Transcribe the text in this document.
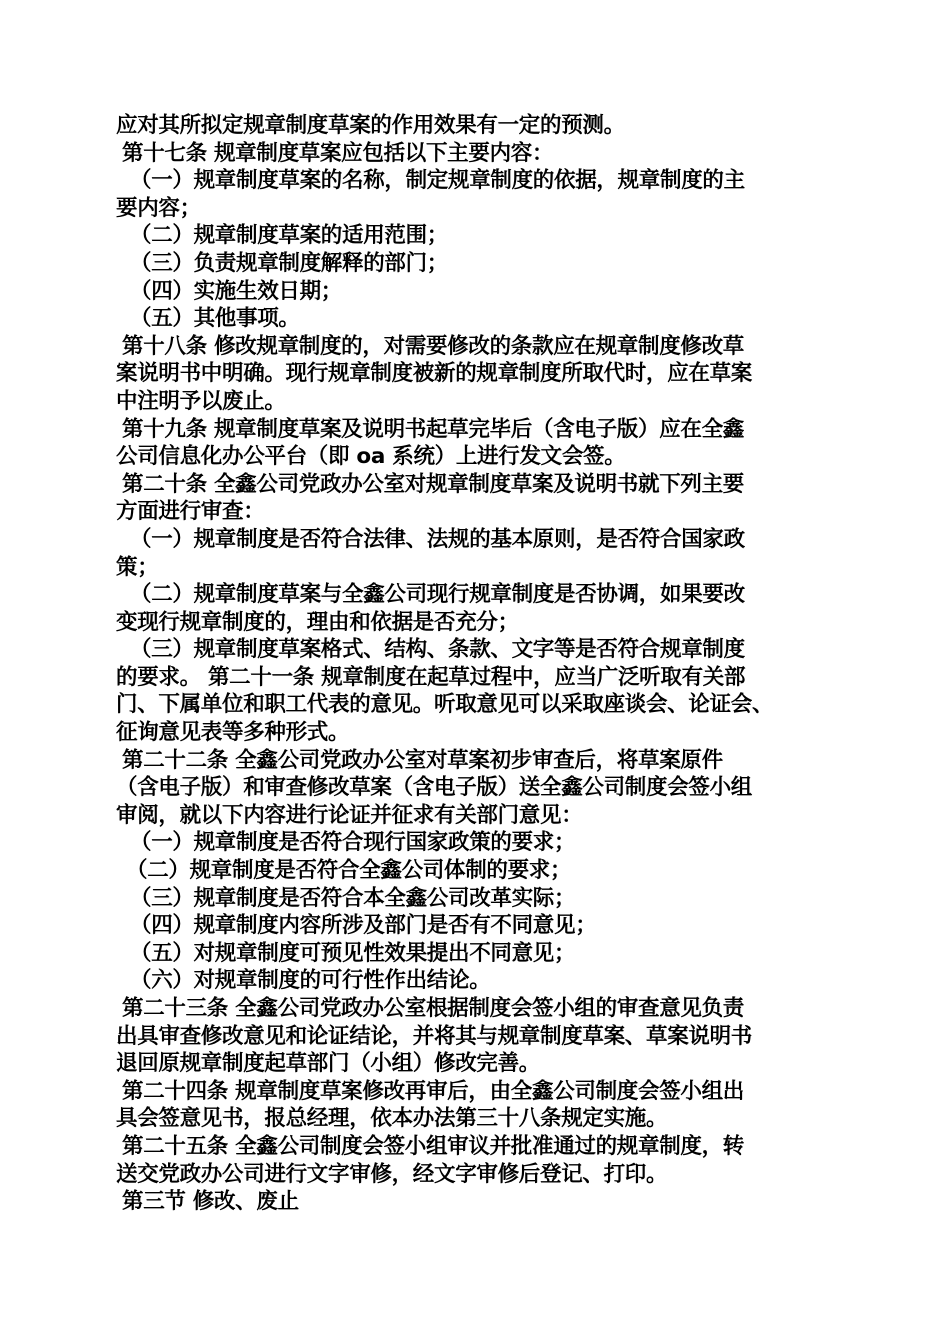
应对其所拟定规章制度草案的作用效果有一定的预测。
第十七条 规章制度草案应包括以下主要内容：
（一）规章制度草案的名称，制定规章制度的依据，规章制度的主
要内容；
（二）规章制度草案的适用范围；
（三）负责规章制度解释的部门；
（四）实施生效日期；
（五）其他事项。
第十八条 修改规章制度的，对需要修改的条款应在规章制度修改草
案说明书中明确。现行规章制度被新的规章制度所取代时，应在草案
中注明予以废止。
第十九条 规章制度草案及说明书起草完毕后（含电子版）应在全鑫
公司信息化办公平台（即 oa 系统）上进行发文会签。
第二十条 全鑫公司党政办公室对规章制度草案及说明书就下列主要
方面进行审查：
（一）规章制度是否符合法律、法规的基本原则，是否符合国家政
策；
（二）规章制度草案与全鑫公司现行规章制度是否协调，如果要改
变现行规章制度的，理由和依据是否充分；
（三）规章制度草案格式、结构、条款、文字等是否符合规章制度
的要求。 第二十一条 规章制度在起草过程中，应当广泛听取有关部
门、下属单位和职工代表的意见。听取意见可以采取座谈会、论证会、
征询意见表等多种形式。
第二十二条 全鑫公司党政办公室对草案初步审查后，将草案原件
（含电子版）和审查修改草案（含电子版）送全鑫公司制度会签小组
审阅，就以下内容进行论证并征求有关部门意见：
（一）规章制度是否符合现行国家政策的要求；
（二）规章制度是否符合全鑫公司体制的要求；
（三）规章制度是否符合本全鑫公司改革实际；
（四）规章制度内容所涉及部门是否有不同意见；
（五）对规章制度可预见性效果提出不同意见；
（六）对规章制度的可行性作出结论。
第二十三条 全鑫公司党政办公室根据制度会签小组的审查意见负责
出具审查修改意见和论证结论，并将其与规章制度草案、草案说明书
退回原规章制度起草部门（小组）修改完善。
第二十四条 规章制度草案修改再审后，由全鑫公司制度会签小组出
具会签意见书，报总经理，依本办法第三十八条规定实施。
第二十五条 全鑫公司制度会签小组审议并批准通过的规章制度，转
送交党政办公司进行文字审修，经文字审修后登记、打印。
第三节 修改、废止
